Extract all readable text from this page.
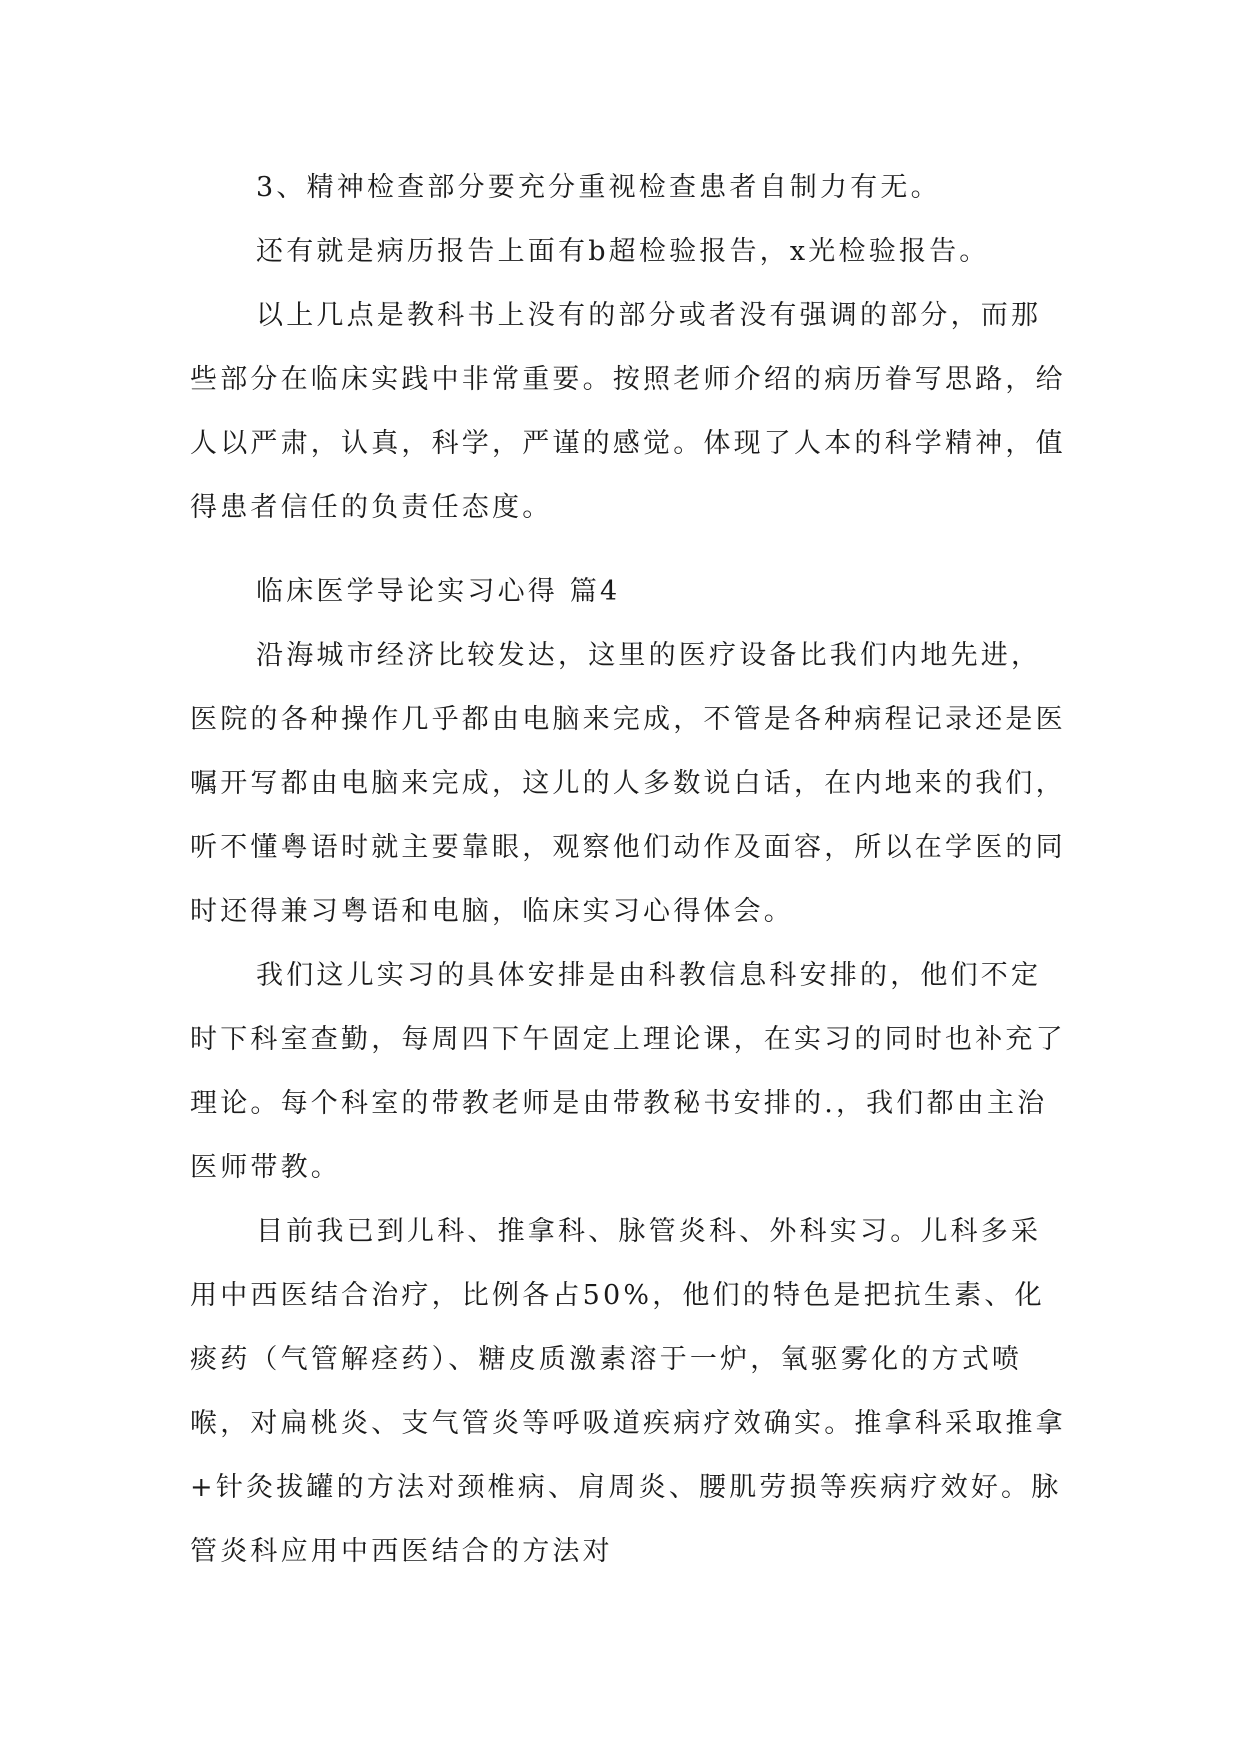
3、精神检查部分要充分重视检查患者自制力有无。

还有就是病历报告上面有b超检验报告，x光检验报告。

以上几点是教科书上没有的部分或者没有强调的部分，而那些部分在临床实践中非常重要。按照老师介绍的病历眷写思路，给人以严肃，认真，科学，严谨的感觉。体现了人本的科学精神，值得患者信任的负责任态度。

临床医学导论实习心得 篇4

沿海城市经济比较发达，这里的医疗设备比我们内地先进，医院的各种操作几乎都由电脑来完成，不管是各种病程记录还是医嘱开写都由电脑来完成，这儿的人多数说白话，在内地来的我们，听不懂粤语时就主要靠眼，观察他们动作及面容，所以在学医的同时还得兼习粤语和电脑，临床实习心得体会。

我们这儿实习的具体安排是由科教信息科安排的，他们不定时下科室查勤，每周四下午固定上理论课，在实习的同时也补充了理论。每个科室的带教老师是由带教秘书安排的.，我们都由主治医师带教。

目前我已到儿科、推拿科、脉管炎科、外科实习。儿科多采用中西医结合治疗，比例各占50%，他们的特色是把抗生素、化痰药（气管解痉药）、糖皮质激素溶于一炉，氧驱雾化的方式喷喉，对扁桃炎、支气管炎等呼吸道疾病疗效确实。推拿科采取推拿+针灸拔罐的方法对颈椎病、肩周炎、腰肌劳损等疾病疗效好。脉管炎科应用中西医结合的方法对
